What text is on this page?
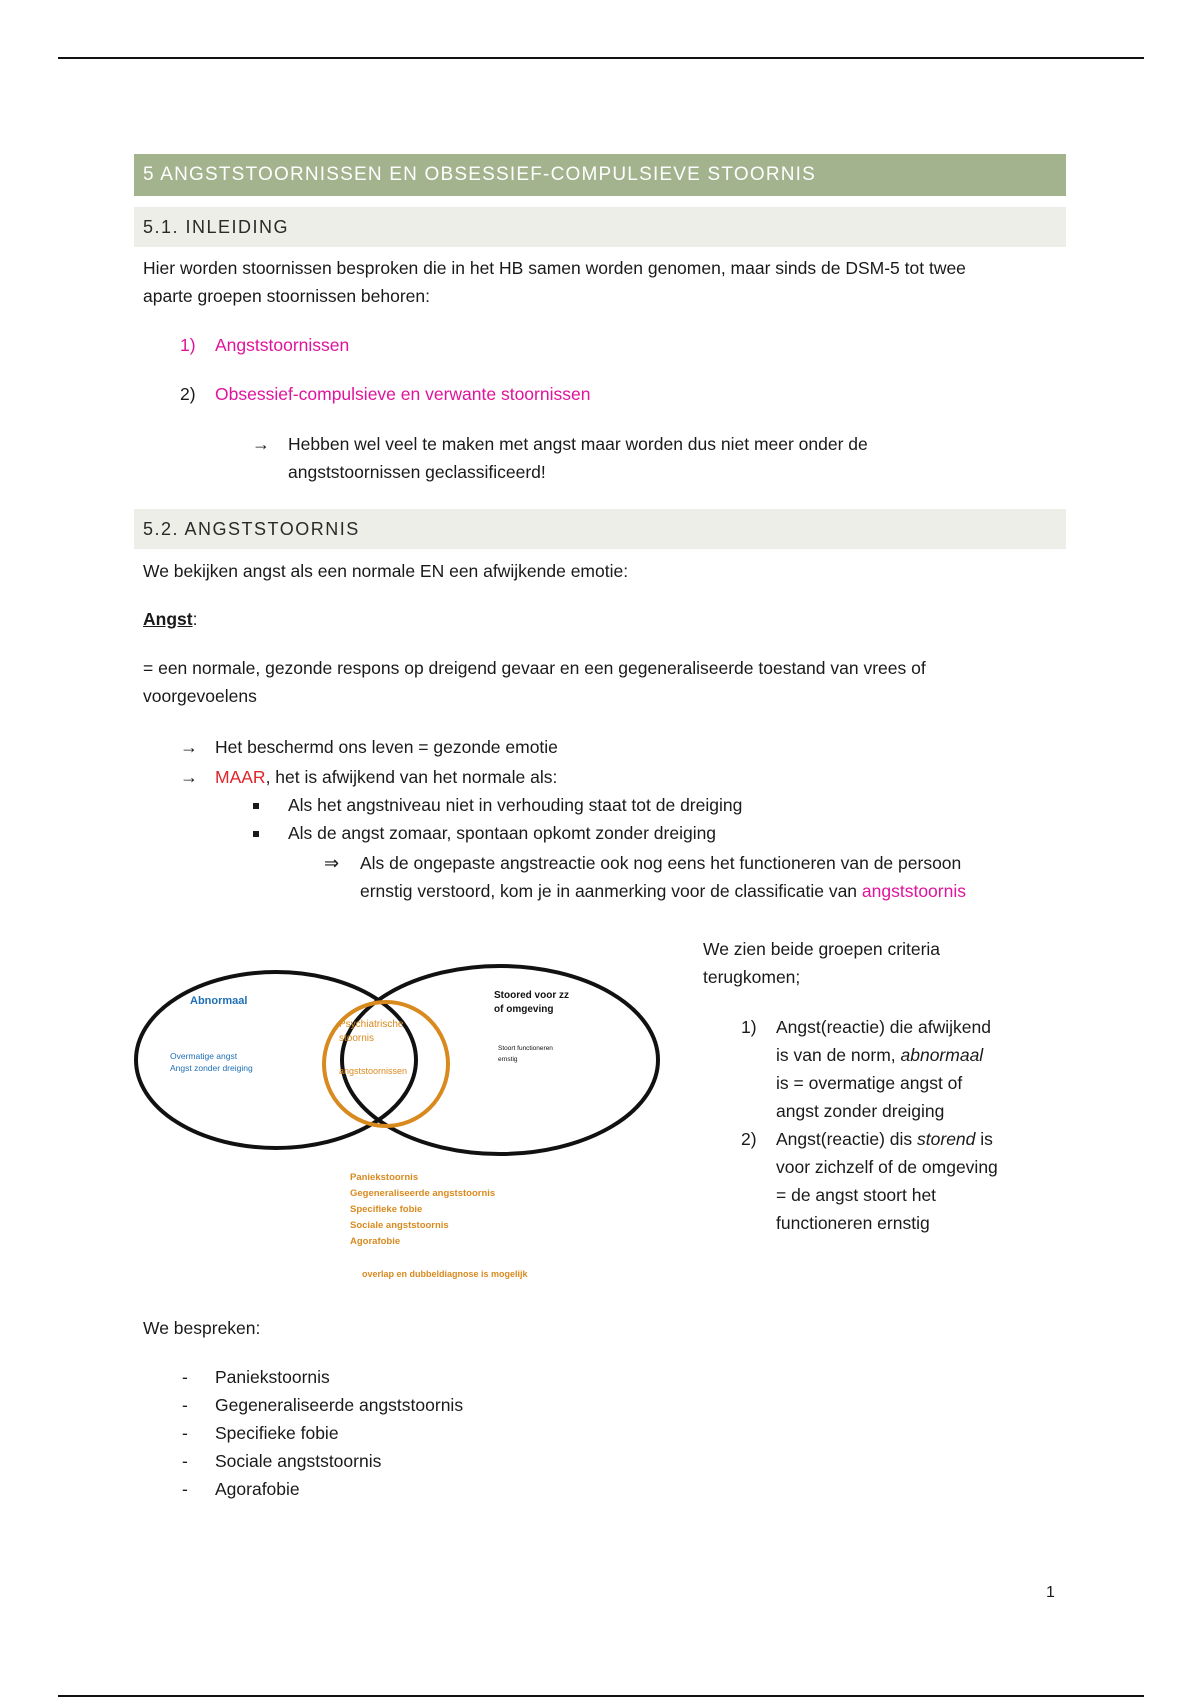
5 ANGSTSTOORNISSEN EN OBSESSIEF-COMPULSIEVE STOORNIS
5.1. INLEIDING
Hier worden stoornissen besproken die in het HB samen worden genomen, maar sinds de DSM-5 tot twee
aparte groepen stoornissen behoren:
1) Angststoornissen
2) Obsessief-compulsieve en verwante stoornissen
→ Hebben wel veel te maken met angst maar worden dus niet meer onder de
angststoornissen geclassificeerd!
5.2. ANGSTSTOORNIS
We bekijken angst als een normale EN een afwijkende emotie:
Angst:
= een normale, gezonde respons op dreigend gevaar en een gegeneraliseerde toestand van vrees of
voorgevoelens
→ Het beschermd ons leven = gezonde emotie
→ MAAR, het is afwijkend van het normale als:
Als het angstniveau niet in verhouding staat tot de dreiging
Als de angst zomaar, spontaan opkomt zonder dreiging
⇒ Als de ongepaste angstreactie ook nog eens het functioneren van de persoon
ernstig verstoord, kom je in aanmerking voor de classificatie van angststoornis
Abnormaal
Overmatige angst
Angst zonder dreiging
Stoored voor zz
of omgeving
Stoort functioneren
ernstig
Psychiatrische
stoornis
angststoornissen
Paniekstoornis
Gegeneraliseerde angststoornis
Specifieke fobie
Sociale angststoornis
Agorafobie
overlap en dubbeldiagnose is mogelijk
We zien beide groepen criteria
terugkomen;
1) Angst(reactie) die afwijkend
is van de norm, abnormaal
is = overmatige angst of
angst zonder dreiging
2) Angst(reactie) dis storend is
voor zichzelf of de omgeving
= de angst stoort het
functioneren ernstig
We bespreken:
- Paniekstoornis
- Gegeneraliseerde angststoornis
- Specifieke fobie
- Sociale angststoornis
- Agorafobie
1
